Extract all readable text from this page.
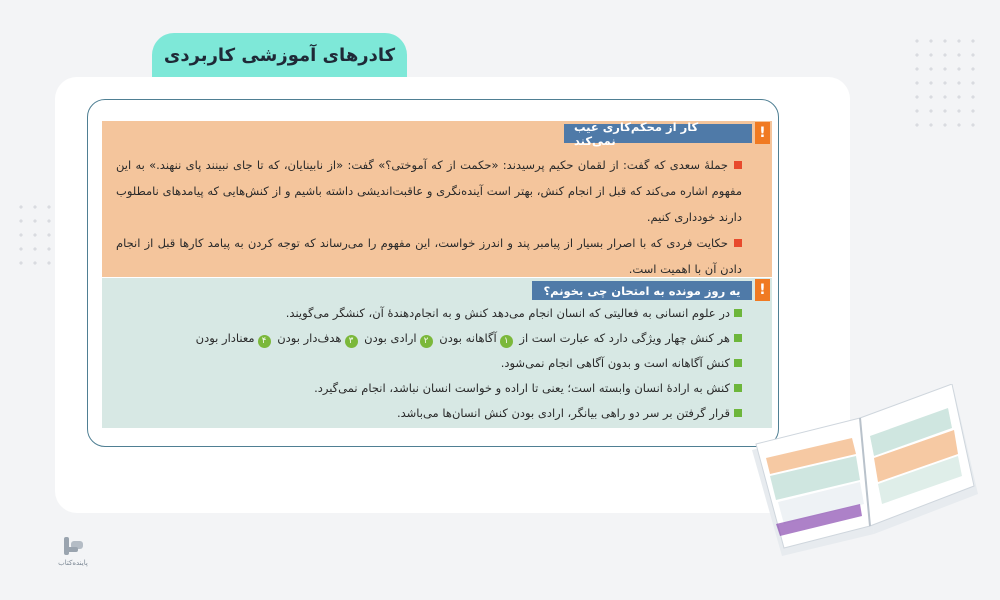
کادرهای آموزشی کاربردی
!
کار از محکم‌کاری عیب نمی‌کند
جملهٔ سعدی که گفت: از لقمان حکیم پرسیدند: «حکمت از که آموختی؟» گفت: «از نابینایان، که تا جای نبینند پای ننهند.» به این مفهوم اشاره می‌کند که قبل از انجام کنش، بهتر است آینده‌نگری و عاقبت‌اندیشی داشته باشیم و از کنش‌هایی که پیامدهای نامطلوب دارند خودداری کنیم.
حکایت فردی که با اصرار بسیار از پیامبر پند و اندرز خواست، این مفهوم را می‌رساند که توجه کردن به پیامد کارها قبل از انجام دادن آن با اهمیت است.
!
یه روز مونده به امتحان چی بخونم؟
در علوم انسانی به فعالیتی که انسان انجام می‌دهد کنش و به انجام‌دهندهٔ آن، کنشگر می‌گویند.
هر کنش چهار ویژگی دارد که عبارت است از ۱آگاهانه بودن ۲ارادی بودن ۳هدف‌دار بودن ۴معنادار بودن
کنش آگاهانه است و بدون آگاهی انجام نمی‌شود.
کنش به ارادهٔ انسان وابسته است؛ یعنی تا اراده و خواست انسان نباشد، انجام نمی‌گیرد.
قرار گرفتن بر سر دو راهی بیانگر، ارادی بودن کنش انسان‌ها می‌باشد.
پاینده‌کتاب
